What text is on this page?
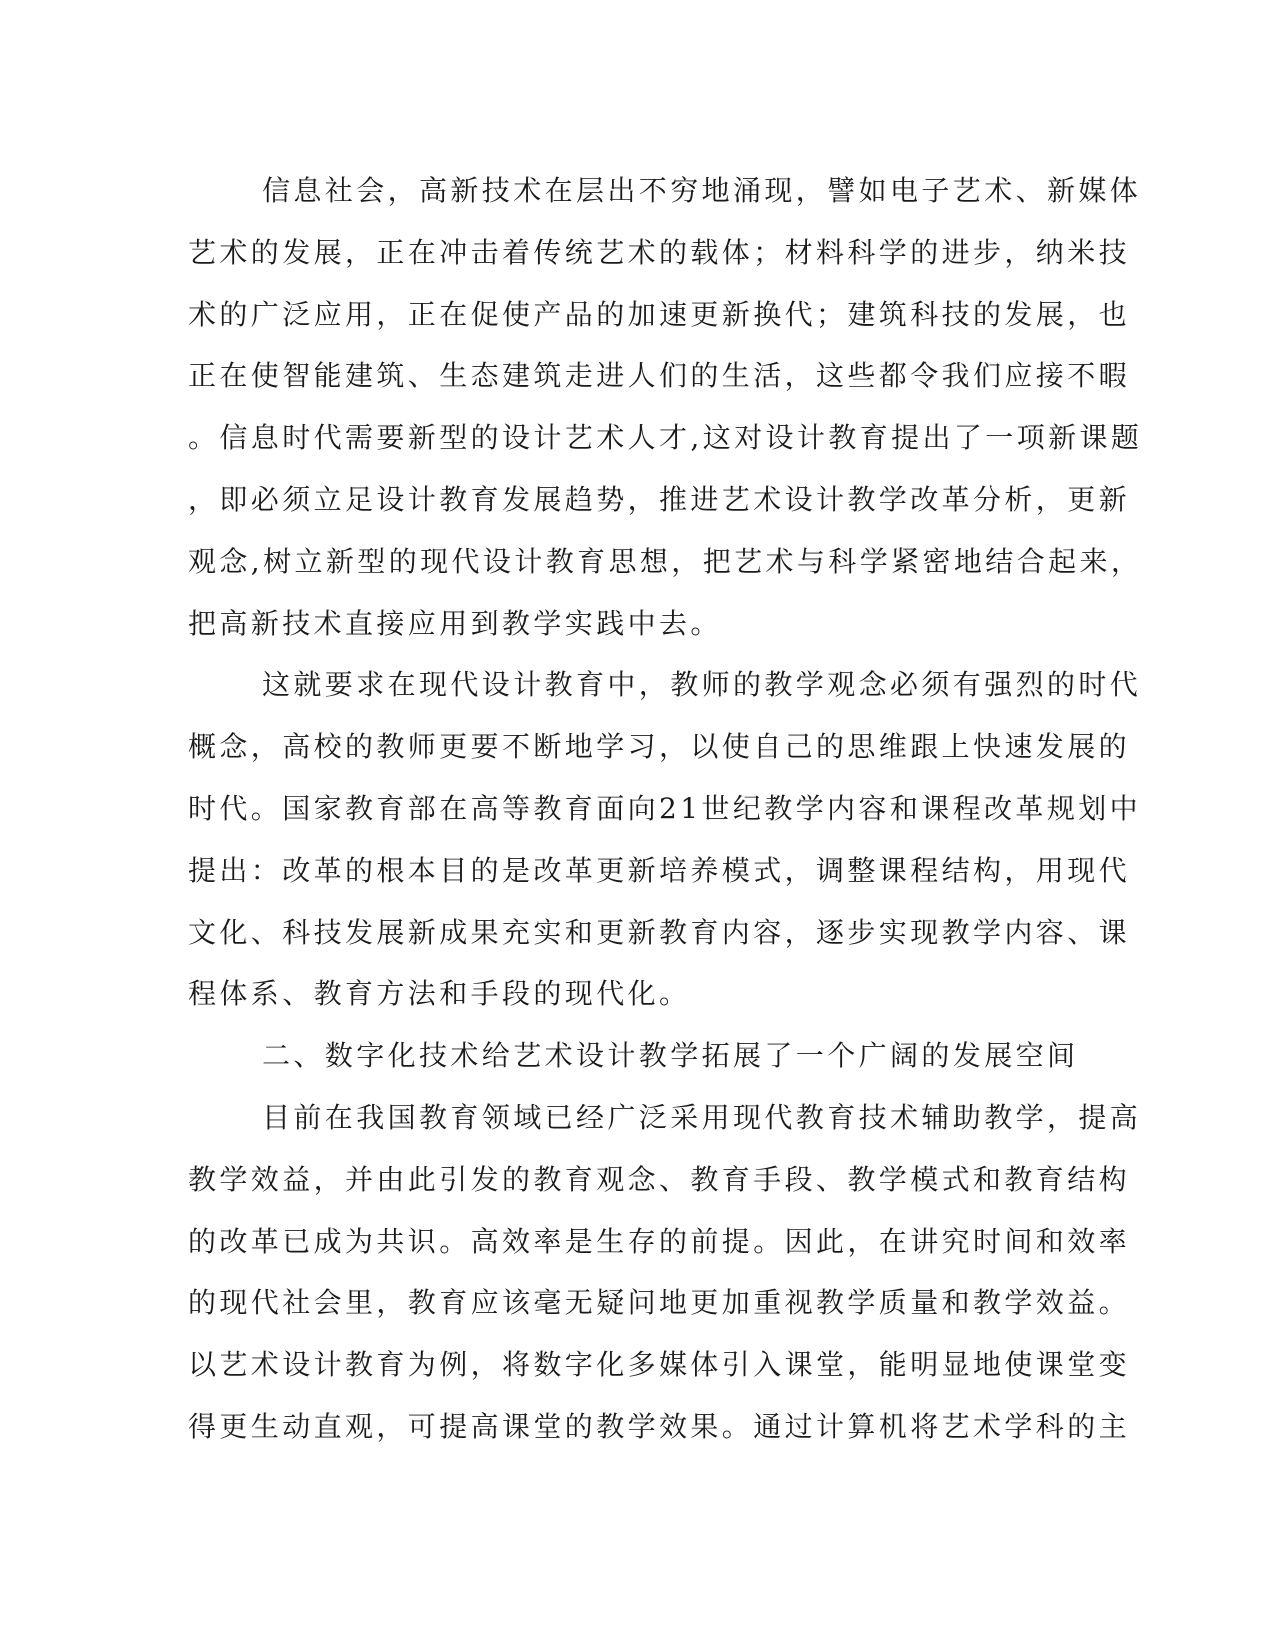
信息社会，高新技术在层出不穷地涌现，譬如电子艺术、新媒体
艺术的发展，正在冲击着传统艺术的载体；材料科学的进步，纳米技
术的广泛应用，正在促使产品的加速更新换代；建筑科技的发展，也
正在使智能建筑、生态建筑走进人们的生活，这些都令我们应接不暇
。信息时代需要新型的设计艺术人才,这对设计教育提出了一项新课题
，即必须立足设计教育发展趋势，推进艺术设计教学改革分析，更新
观念,树立新型的现代设计教育思想，把艺术与科学紧密地结合起来，
把高新技术直接应用到教学实践中去。
这就要求在现代设计教育中，教师的教学观念必须有强烈的时代
概念，高校的教师更要不断地学习，以使自己的思维跟上快速发展的
时代。国家教育部在高等教育面向21世纪教学内容和课程改革规划中
提出：改革的根本目的是改革更新培养模式，调整课程结构，用现代
文化、科技发展新成果充实和更新教育内容，逐步实现教学内容、课
程体系、教育方法和手段的现代化。
二、数字化技术给艺术设计教学拓展了一个广阔的发展空间
目前在我国教育领域已经广泛采用现代教育技术辅助教学，提高
教学效益，并由此引发的教育观念、教育手段、教学模式和教育结构
的改革已成为共识。高效率是生存的前提。因此，在讲究时间和效率
的现代社会里，教育应该毫无疑问地更加重视教学质量和教学效益。
以艺术设计教育为例，将数字化多媒体引入课堂，能明显地使课堂变
得更生动直观，可提高课堂的教学效果。通过计算机将艺术学科的主
